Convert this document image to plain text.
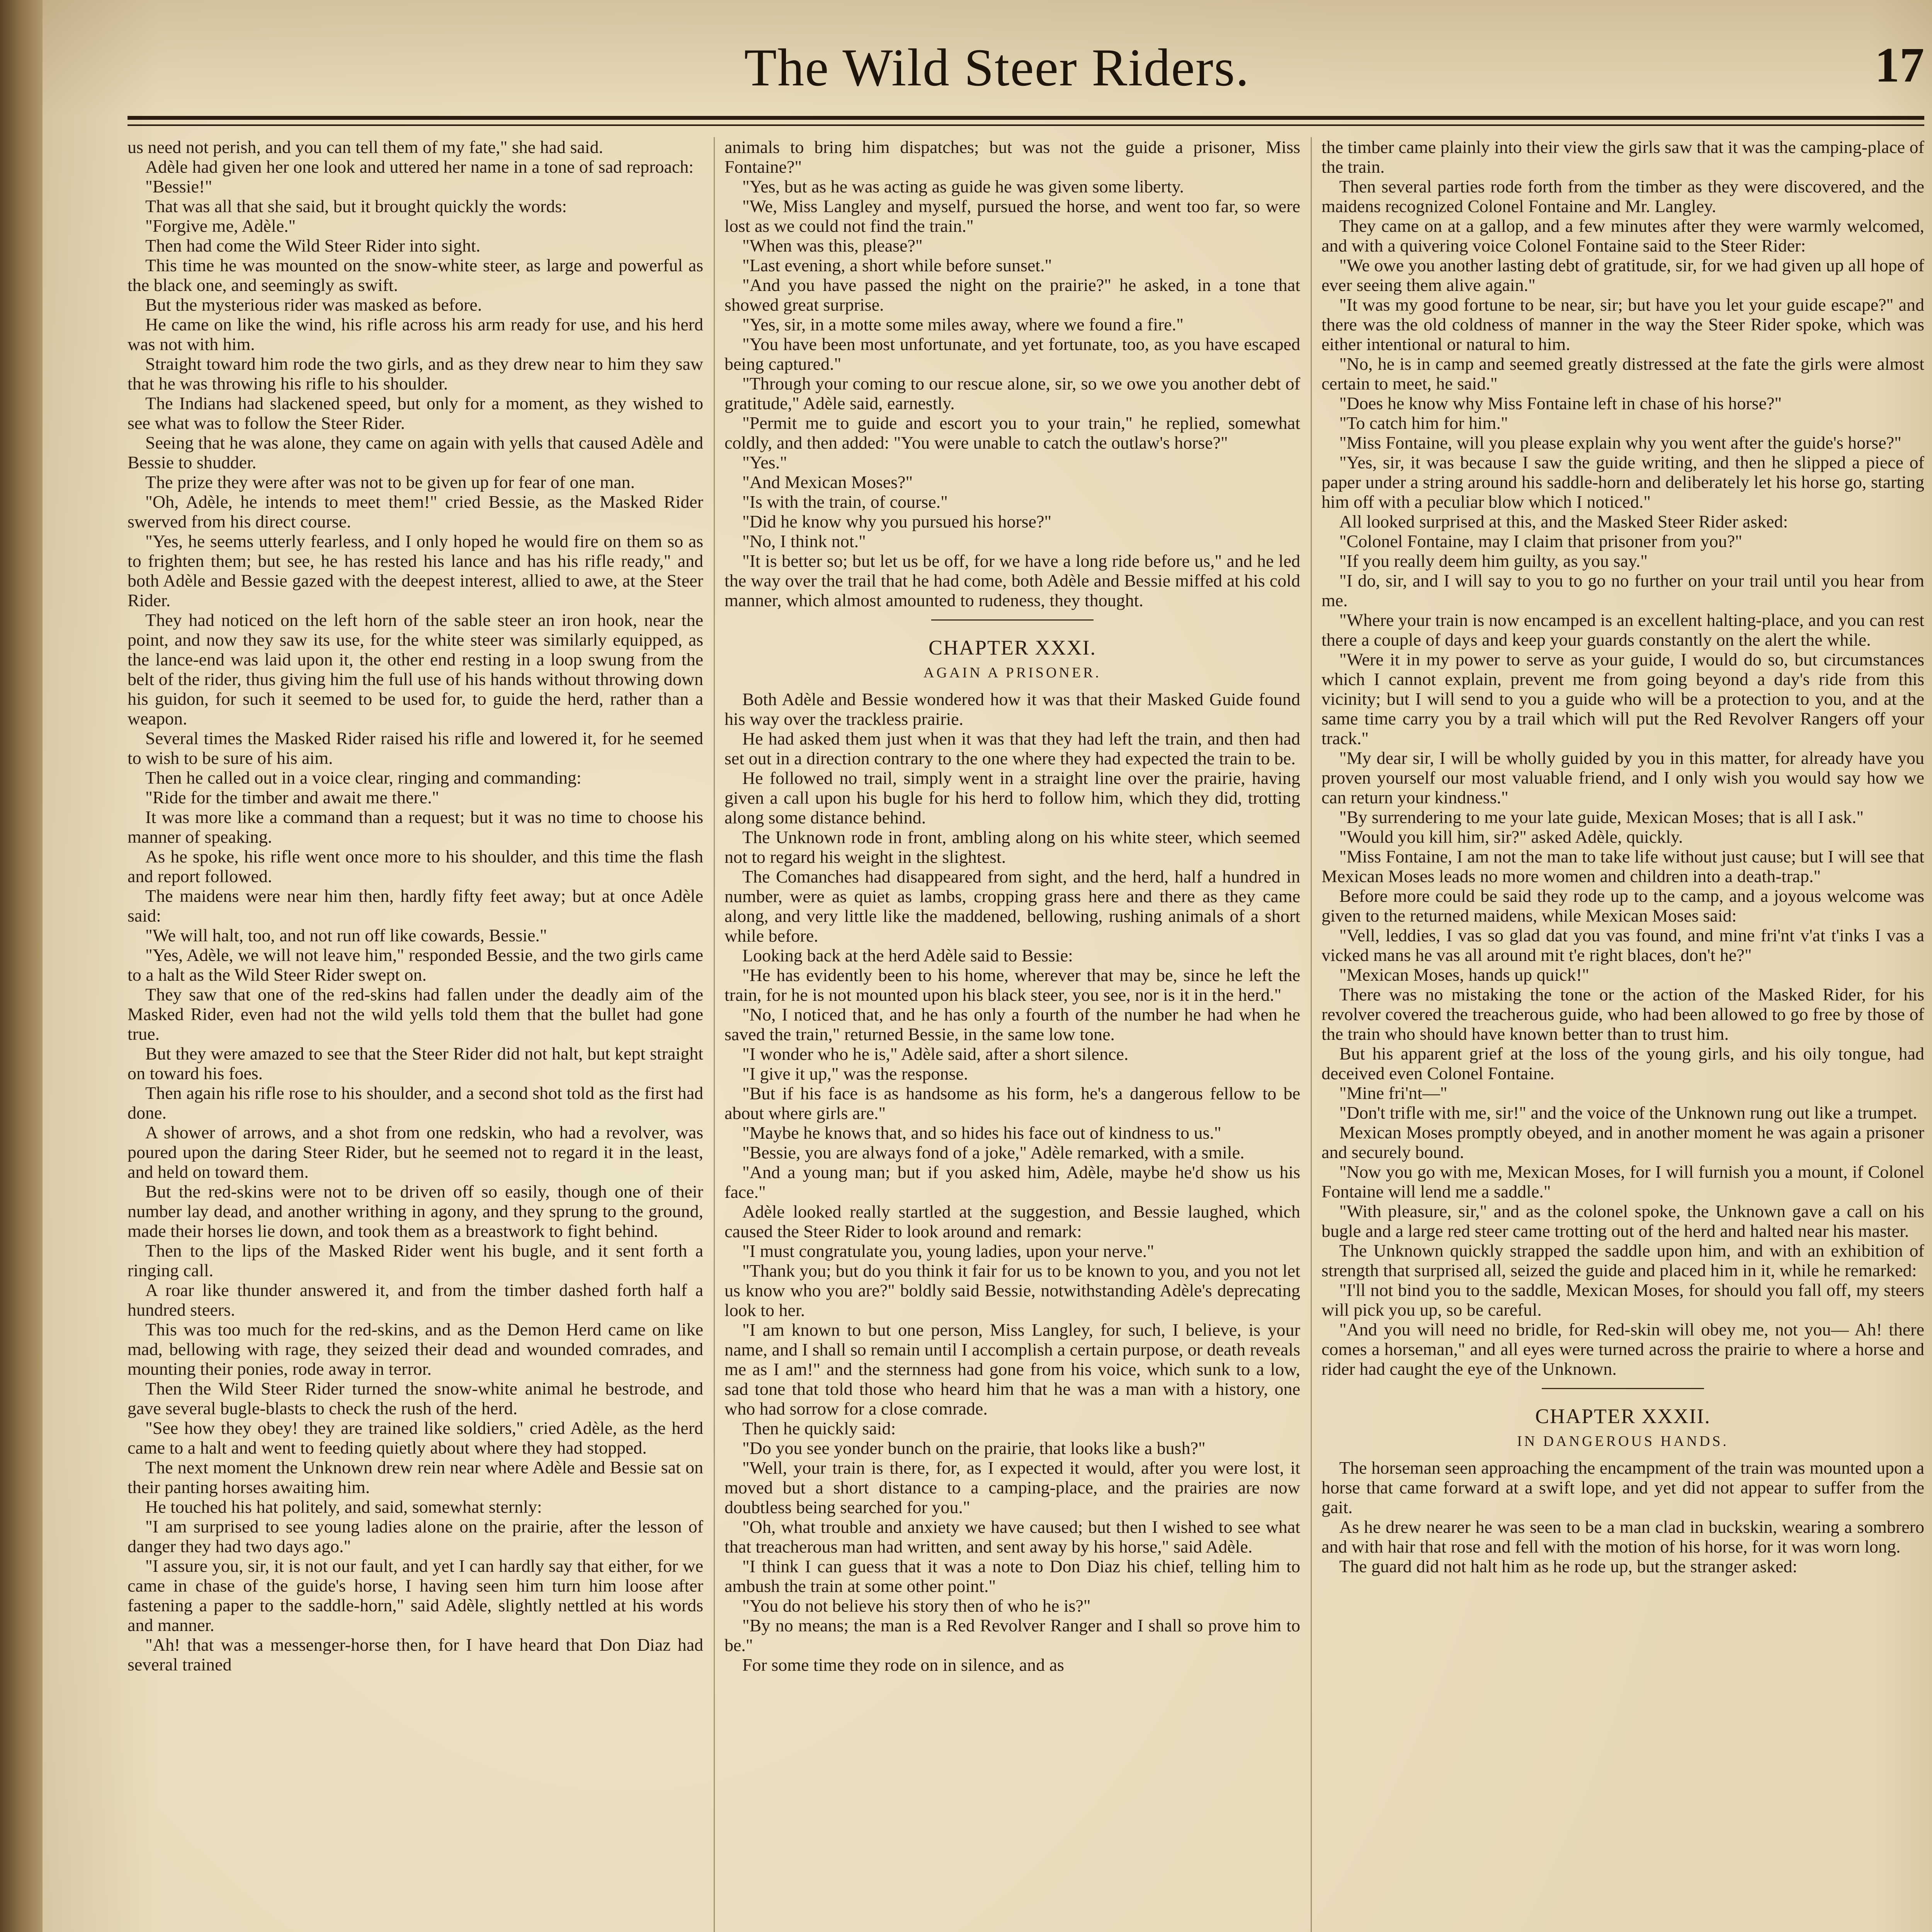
The Wild Steer Riders.	17

us need not perish, and you can tell them of my fate," she had said.

Adèle had given her one look and uttered her name in a tone of sad reproach:

"Bessie!"

That was all that she said, but it brought quickly the words:

"Forgive me, Adèle."

Then had come the Wild Steer Rider into sight.

This time he was mounted on the snow-white steer, as large and powerful as the black one, and seemingly as swift.

But the mysterious rider was masked as before.

He came on like the wind, his rifle across his arm ready for use, and his herd was not with him.

Straight toward him rode the two girls, and as they drew near to him they saw that he was throwing his rifle to his shoulder.

The Indians had slackened speed, but only for a moment, as they wished to see what was to follow the Steer Rider.

Seeing that he was alone, they came on again with yells that caused Adèle and Bessie to shudder.

The prize they were after was not to be given up for fear of one man.

"Oh, Adèle, he intends to meet them!" cried Bessie, as the Masked Rider swerved from his direct course.

"Yes, he seems utterly fearless, and I only hoped he would fire on them so as to frighten them; but see, he has rested his lance and has his rifle ready," and both Adèle and Bessie gazed with the deepest interest, allied to awe, at the Steer Rider.

They had noticed on the left horn of the sable steer an iron hook, near the point, and now they saw its use, for the white steer was similarly equipped, as the lance-end was laid upon it, the other end resting in a loop swung from the belt of the rider, thus giving him the full use of his hands without throwing down his guidon, for such it seemed to be used for, to guide the herd, rather than a weapon.

Several times the Masked Rider raised his rifle and lowered it, for he seemed to wish to be sure of his aim.

Then he called out in a voice clear, ringing and commanding:

"Ride for the timber and await me there."

It was more like a command than a request; but it was no time to choose his manner of speaking.

As he spoke, his rifle went once more to his shoulder, and this time the flash and report followed.

The maidens were near him then, hardly fifty feet away; but at once Adèle said:

"We will halt, too, and not run off like cowards, Bessie."

"Yes, Adèle, we will not leave him," responded Bessie, and the two girls came to a halt as the Wild Steer Rider swept on.

They saw that one of the red-skins had fallen under the deadly aim of the Masked Rider, even had not the wild yells told them that the bullet had gone true.

But they were amazed to see that the Steer Rider did not halt, but kept straight on toward his foes.

Then again his rifle rose to his shoulder, and a second shot told as the first had done.

A shower of arrows, and a shot from one redskin, who had a revolver, was poured upon the daring Steer Rider, but he seemed not to regard it in the least, and held on toward them.

But the red-skins were not to be driven off so easily, though one of their number lay dead, and another writhing in agony, and they sprung to the ground, made their horses lie down, and took them as a breastwork to fight behind.

Then to the lips of the Masked Rider went his bugle, and it sent forth a ringing call.

A roar like thunder answered it, and from the timber dashed forth half a hundred steers.

This was too much for the red-skins, and as the Demon Herd came on like mad, bellowing with rage, they seized their dead and wounded comrades, and mounting their ponies, rode away in terror.

Then the Wild Steer Rider turned the snow-white animal he bestrode, and gave several bugle-blasts to check the rush of the herd.

"See how they obey! they are trained like soldiers," cried Adèle, as the herd came to a halt and went to feeding quietly about where they had stopped.

The next moment the Unknown drew rein near where Adèle and Bessie sat on their panting horses awaiting him.

He touched his hat politely, and said, somewhat sternly:

"I am surprised to see young ladies alone on the prairie, after the lesson of danger they had two days ago."

"I assure you, sir, it is not our fault, and yet I can hardly say that either, for we came in chase of the guide's horse, I having seen him turn him loose after fastening a paper to the saddle-horn," said Adèle, slightly nettled at his words and manner.

"Ah! that was a messenger-horse then, for I have heard that Don Diaz had several trained

animals to bring him dispatches; but was not the guide a prisoner, Miss Fontaine?"

"Yes, but as he was acting as guide he was given some liberty.

"We, Miss Langley and myself, pursued the horse, and went too far, so were lost as we could not find the train."

"When was this, please?"

"Last evening, a short while before sunset."

"And you have passed the night on the prairie?" he asked, in a tone that showed great surprise.

"Yes, sir, in a motte some miles away, where we found a fire."

"You have been most unfortunate, and yet fortunate, too, as you have escaped being captured."

"Through your coming to our rescue alone, sir, so we owe you another debt of gratitude," Adèle said, earnestly.

"Permit me to guide and escort you to your train," he replied, somewhat coldly, and then added: "You were unable to catch the outlaw's horse?"

"Yes."

"And Mexican Moses?"

"Is with the train, of course."

"Did he know why you pursued his horse?"

"No, I think not."

"It is better so; but let us be off, for we have a long ride before us," and he led the way over the trail that he had come, both Adèle and Bessie miffed at his cold manner, which almost amounted to rudeness, they thought.

CHAPTER XXXI.
AGAIN A PRISONER.

Both Adèle and Bessie wondered how it was that their Masked Guide found his way over the trackless prairie.

He had asked them just when it was that they had left the train, and then had set out in a direction contrary to the one where they had expected the train to be.

He followed no trail, simply went in a straight line over the prairie, having given a call upon his bugle for his herd to follow him, which they did, trotting along some distance behind.

The Unknown rode in front, ambling along on his white steer, which seemed not to regard his weight in the slightest.

The Comanches had disappeared from sight, and the herd, half a hundred in number, were as quiet as lambs, cropping grass here and there as they came along, and very little like the maddened, bellowing, rushing animals of a short while before.

Looking back at the herd Adèle said to Bessie:

"He has evidently been to his home, wherever that may be, since he left the train, for he is not mounted upon his black steer, you see, nor is it in the herd."

"No, I noticed that, and he has only a fourth of the number he had when he saved the train," returned Bessie, in the same low tone.

"I wonder who he is," Adèle said, after a short silence.

"I give it up," was the response.

"But if his face is as handsome as his form, he's a dangerous fellow to be about where girls are."

"Maybe he knows that, and so hides his face out of kindness to us."

"Bessie, you are always fond of a joke," Adèle remarked, with a smile.

"And a young man; but if you asked him, Adèle, maybe he'd show us his face."

Adèle looked really startled at the suggestion, and Bessie laughed, which caused the Steer Rider to look around and remark:

"I must congratulate you, young ladies, upon your nerve."

"Thank you; but do you think it fair for us to be known to you, and you not let us know who you are?" boldly said Bessie, notwithstanding Adèle's deprecating look to her.

"I am known to but one person, Miss Langley, for such, I believe, is your name, and I shall so remain until I accomplish a certain purpose, or death reveals me as I am!" and the sternness had gone from his voice, which sunk to a low, sad tone that told those who heard him that he was a man with a history, one who had sorrow for a close comrade.

Then he quickly said:

"Do you see yonder bunch on the prairie, that looks like a bush?"

"Well, your train is there, for, as I expected it would, after you were lost, it moved but a short distance to a camping-place, and the prairies are now doubtless being searched for you."

"Oh, what trouble and anxiety we have caused; but then I wished to see what that treacherous man had written, and sent away by his horse," said Adèle.

"I think I can guess that it was a note to Don Diaz his chief, telling him to ambush the train at some other point."

"You do not believe his story then of who he is?"

"By no means; the man is a Red Revolver Ranger and I shall so prove him to be."

For some time they rode on in silence, and as

the timber came plainly into their view the girls saw that it was the camping-place of the train.

Then several parties rode forth from the timber as they were discovered, and the maidens recognized Colonel Fontaine and Mr. Langley.

They came on at a gallop, and a few minutes after they were warmly welcomed, and with a quivering voice Colonel Fontaine said to the Steer Rider:

"We owe you another lasting debt of gratitude, sir, for we had given up all hope of ever seeing them alive again."

"It was my good fortune to be near, sir; but have you let your guide escape?" and there was the old coldness of manner in the way the Steer Rider spoke, which was either intentional or natural to him.

"No, he is in camp and seemed greatly distressed at the fate the girls were almost certain to meet, he said."

"Does he know why Miss Fontaine left in chase of his horse?"

"To catch him for him."

"Miss Fontaine, will you please explain why you went after the guide's horse?"

"Yes, sir, it was because I saw the guide writing, and then he slipped a piece of paper under a string around his saddle-horn and deliberately let his horse go, starting him off with a peculiar blow which I noticed."

All looked surprised at this, and the Masked Steer Rider asked:

"Colonel Fontaine, may I claim that prisoner from you?"

"If you really deem him guilty, as you say."

"I do, sir, and I will say to you to go no further on your trail until you hear from me.

"Where your train is now encamped is an excellent halting-place, and you can rest there a couple of days and keep your guards constantly on the alert the while.

"Were it in my power to serve as your guide, I would do so, but circumstances which I cannot explain, prevent me from going beyond a day's ride from this vicinity; but I will send to you a guide who will be a protection to you, and at the same time carry you by a trail which will put the Red Revolver Rangers off your track."

"My dear sir, I will be wholly guided by you in this matter, for already have you proven yourself our most valuable friend, and I only wish you would say how we can return your kindness."

"By surrendering to me your late guide, Mexican Moses; that is all I ask."

"Would you kill him, sir?" asked Adèle, quickly.

"Miss Fontaine, I am not the man to take life without just cause; but I will see that Mexican Moses leads no more women and children into a death-trap."

Before more could be said they rode up to the camp, and a joyous welcome was given to the returned maidens, while Mexican Moses said:

"Vell, leddies, I vas so glad dat you vas found, and mine fri'nt v'at t'inks I vas a vicked mans he vas all around mit t'e right blaces, don't he?"

"Mexican Moses, hands up quick!"

There was no mistaking the tone or the action of the Masked Rider, for his revolver covered the treacherous guide, who had been allowed to go free by those of the train who should have known better than to trust him.

But his apparent grief at the loss of the young girls, and his oily tongue, had deceived even Colonel Fontaine.

"Mine fri'nt—"

"Don't trifle with me, sir!" and the voice of the Unknown rung out like a trumpet.

Mexican Moses promptly obeyed, and in another moment he was again a prisoner and securely bound.

"Now you go with me, Mexican Moses, for I will furnish you a mount, if Colonel Fontaine will lend me a saddle."

"With pleasure, sir," and as the colonel spoke, the Unknown gave a call on his bugle and a large red steer came trotting out of the herd and halted near his master.

The Unknown quickly strapped the saddle upon him, and with an exhibition of strength that surprised all, seized the guide and placed him in it, while he remarked:

"I'll not bind you to the saddle, Mexican Moses, for should you fall off, my steers will pick you up, so be careful.

"And you will need no bridle, for Red-skin will obey me, not you— Ah! there comes a horseman," and all eyes were turned across the prairie to where a horse and rider had caught the eye of the Unknown.

CHAPTER XXXII.
IN DANGEROUS HANDS.

The horseman seen approaching the encampment of the train was mounted upon a horse that came forward at a swift lope, and yet did not appear to suffer from the gait.

As he drew nearer he was seen to be a man clad in buckskin, wearing a sombrero and with hair that rose and fell with the motion of his horse, for it was worn long.

The guard did not halt him as he rode up, but the stranger asked:
